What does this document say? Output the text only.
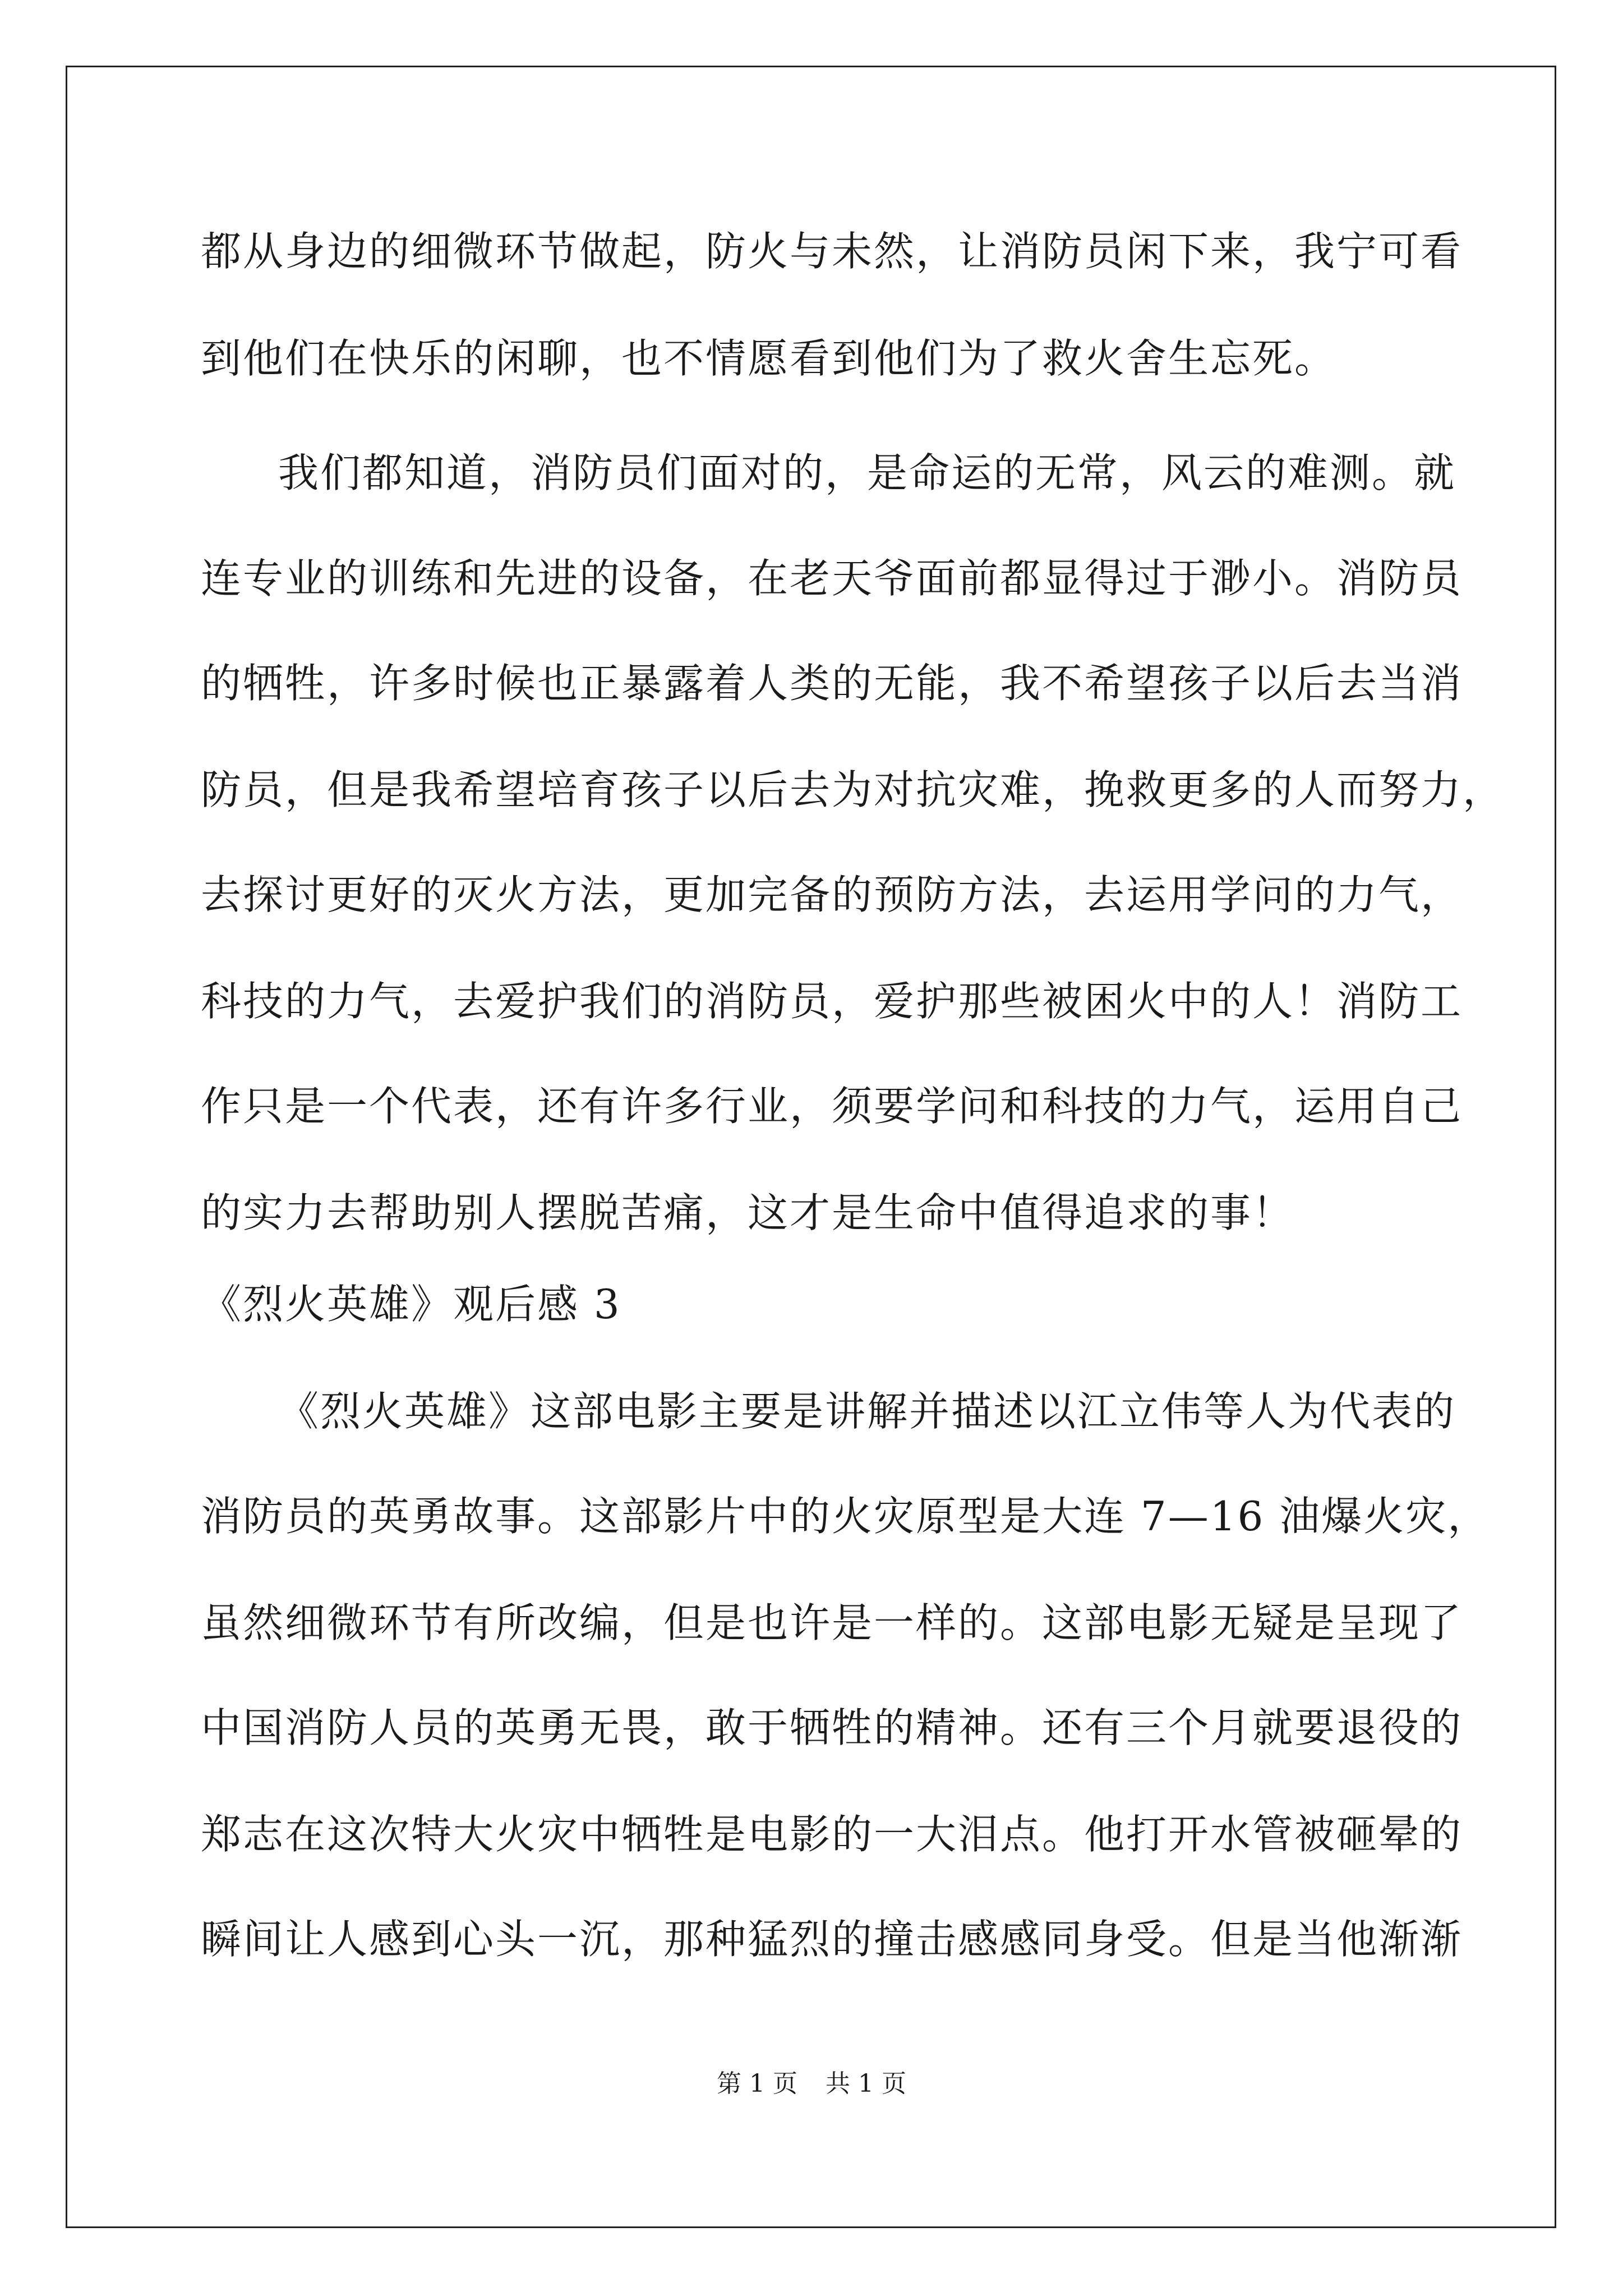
都从身边的细微环节做起，防火与未然，让消防员闲下来，我宁可看
到他们在快乐的闲聊，也不情愿看到他们为了救火舍生忘死。
我们都知道，消防员们面对的，是命运的无常，风云的难测。就
连专业的训练和先进的设备，在老天爷面前都显得过于渺小。消防员
的牺牲，许多时候也正暴露着人类的无能，我不希望孩子以后去当消
防员，但是我希望培育孩子以后去为对抗灾难，挽救更多的人而努力，
去探讨更好的灭火方法，更加完备的预防方法，去运用学问的力气，
科技的力气，去爱护我们的消防员，爱护那些被困火中的人！消防工
作只是一个代表，还有许多行业，须要学问和科技的力气，运用自己
的实力去帮助别人摆脱苦痛，这才是生命中值得追求的事！
《烈火英雄》观后感 3
《烈火英雄》这部电影主要是讲解并描述以江立伟等人为代表的
消防员的英勇故事。这部影片中的火灾原型是大连 7—16 油爆火灾，
虽然细微环节有所改编，但是也许是一样的。这部电影无疑是呈现了
中国消防人员的英勇无畏，敢于牺牲的精神。还有三个月就要退役的
郑志在这次特大火灾中牺牲是电影的一大泪点。他打开水管被砸晕的
瞬间让人感到心头一沉，那种猛烈的撞击感感同身受。但是当他渐渐
第 1 页 共 1 页
